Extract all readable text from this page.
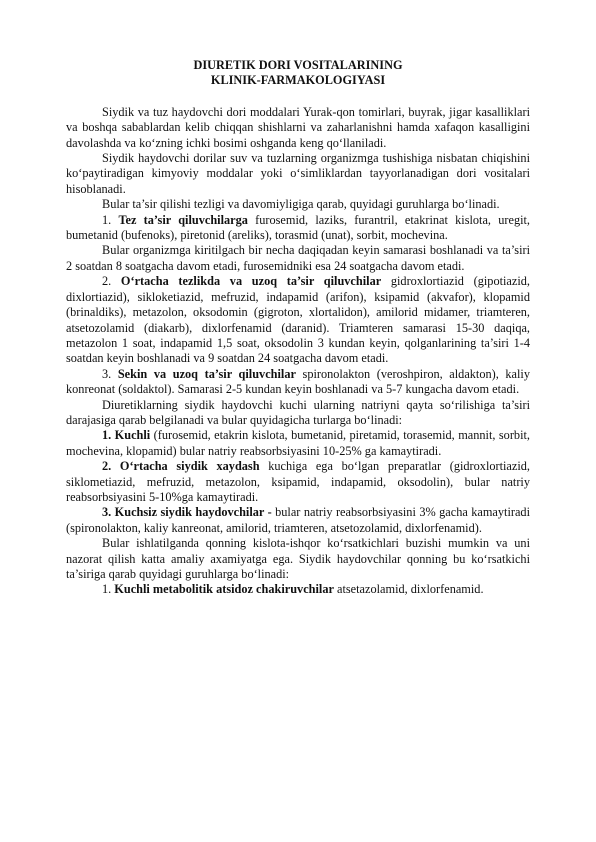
DIURETIK DORI VOSITALARINING
KLINIK-FARMAKOLOGIYASI

Siydik va tuz haydovchi dori moddalari Yurak-qon tomirlari, buyrak, jigar kasalliklari va boshqa sabablardan kelib chiqqan shishlarni va zaharlanishni hamda xafaqon kasalligini davolashda va ko‘zning ichki bosimi oshganda keng qo‘llaniladi.

Siydik haydovchi dorilar suv va tuzlarning organizmga tushishiga nisbatan chiqishini ko‘paytiradigan kimyoviy moddalar yoki o‘simliklardan tayyorlanadigan dori vositalari hisoblanadi.

Bular ta’sir qilishi tezligi va davomiyligiga qarab, quyidagi guruhlarga bo‘linadi.

1. Tez ta’sir qiluvchilarga furosemid, laziks, furantril, etakrinat kislota, uregit, bumetanid (bufenoks), piretonid (areliks), torasmid (unat), sorbit, mochevina.

Bular organizmga kiritilgach bir necha daqiqadan keyin samarasi boshlanadi va ta’siri 2 soatdan 8 soatgacha davom etadi, furosemidniki esa 24 soatgacha davom etadi.

2. O‘rtacha tezlikda va uzoq ta’sir qiluvchilar gidroxlortiazid (gipotiazid, dixlortiazid), sikloketiazid, mefruzid, indapamid (arifon), ksipamid (akvafor), klopamid (brinaldiks), metazolon, oksodomin (gigroton, xlortalidon), amilorid midamer, triamteren, atsetozolamid (diakarb), dixlorfenamid (daranid). Triamteren samarasi 15-30 daqiqa, metazolon 1 soat, indapamid 1,5 soat, oksodolin 3 kundan keyin, qolganlarining ta’siri 1-4 soatdan keyin boshlanadi va 9 soatdan 24 soatgacha davom etadi.

3. Sekin va uzoq ta’sir qiluvchilar spironolakton (veroshpiron, aldakton), kaliy konreonat (soldaktol). Samarasi 2-5 kundan keyin boshlanadi va 5-7 kungacha davom etadi.

Diuretiklarning siydik haydovchi kuchi ularning natriyni qayta so‘rilishiga ta’siri darajasiga qarab belgilanadi va bular quyidagicha turlarga bo‘linadi:

1. Kuchli (furosemid, etakrin kislota, bumetanid, piretamid, torasemid, mannit, sorbit, mochevina, klopamid) bular natriy reabsorbsiyasini 10-25% ga kamaytiradi.

2. O‘rtacha siydik xaydash kuchiga ega bo‘lgan preparatlar (gidroxlortiazid, siklometiazid, mefruzid, metazolon, ksipamid, indapamid, oksodolin), bular natriy reabsorbsiyasini 5-10%ga kamaytiradi.

3. Kuchsiz siydik haydovchilar - bular natriy reabsorbsiyasini 3% gacha kamaytiradi (spironolakton, kaliy kanreonat, amilorid, triamteren, atsetozolamid, dixlorfenamid).

Bular ishlatilganda qonning kislota-ishqor ko‘rsatkichlari buzishi mumkin va uni nazorat qilish katta amaliy axamiyatga ega. Siydik haydovchilar qonning bu ko‘rsatkichi ta’siriga qarab quyidagi guruhlarga bo‘linadi:

1. Kuchli metabolitik atsidoz chakiruvchilar atsetazolamid, dixlorfenamid.
